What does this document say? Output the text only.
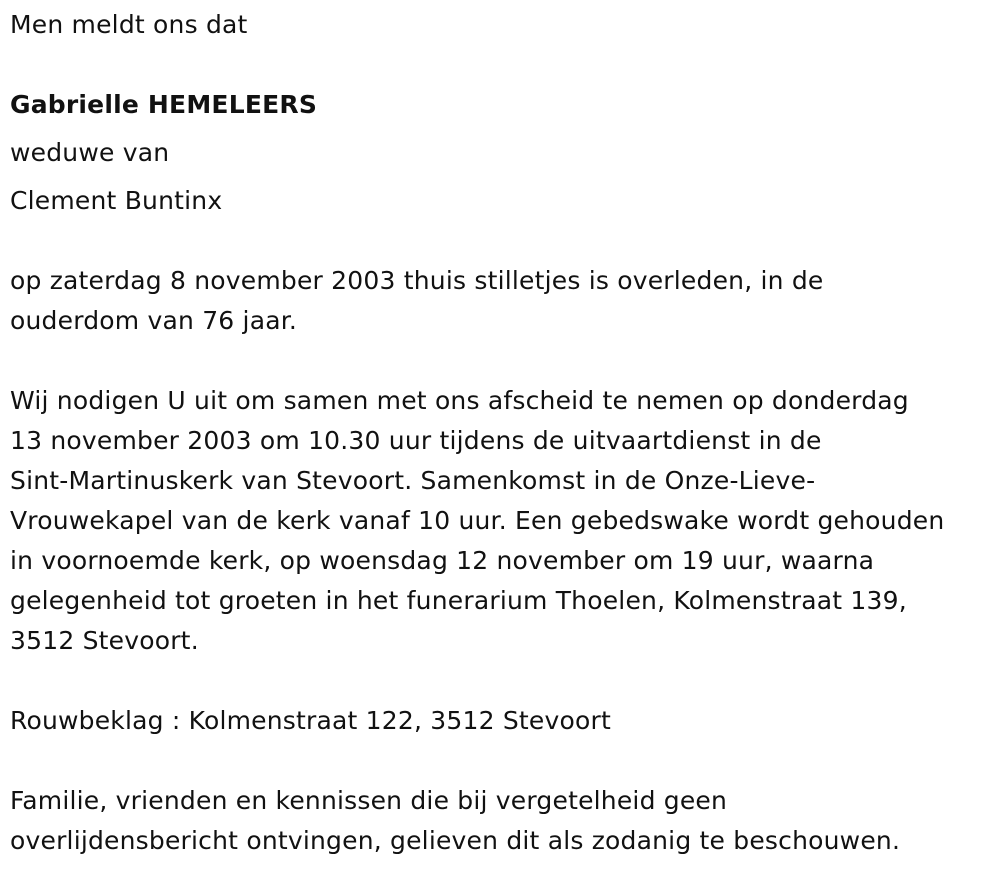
Men meldt ons dat
Gabrielle HEMELEERS
weduwe van
Clement Buntinx
op zaterdag 8 november 2003 thuis stilletjes is overleden, in de
ouderdom van 76 jaar.
Wij nodigen U uit om samen met ons afscheid te nemen op donderdag
13 november 2003 om 10.30 uur tijdens de uitvaartdienst in de
Sint-Martinuskerk van Stevoort. Samenkomst in de Onze-Lieve-
Vrouwekapel van de kerk vanaf 10 uur. Een gebedswake wordt gehouden
in voornoemde kerk, op woensdag 12 november om 19 uur, waarna
gelegenheid tot groeten in het funerarium Thoelen, Kolmenstraat 139,
3512 Stevoort.
Rouwbeklag : Kolmenstraat 122, 3512 Stevoort
Familie, vrienden en kennissen die bij vergetelheid geen
overlijdensbericht ontvingen, gelieven dit als zodanig te beschouwen.
